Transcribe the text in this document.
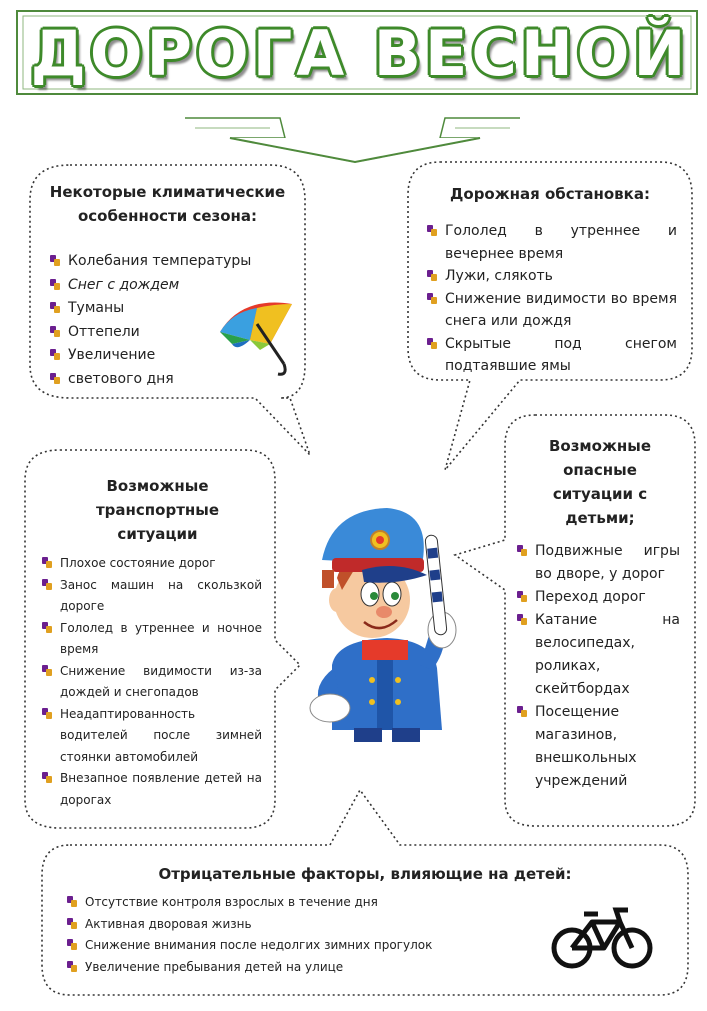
ДОРОГА ВЕСНОЙ
Некоторые климатические
особенности сезона:
Колебания температуры
Снег с дождем
Туманы
Оттепели
Увеличение
светового дня
Дорожная обстановка:
Гололед в утреннее и вечернее время
Лужи, слякоть
Снижение видимости во время снега или дождя
Скрытые под снегом подтаявшие ямы
Возможные
транспортные
ситуации
Плохое состояние дорог
Занос машин на скользкой дороге
Гололед в утреннее и ночное время
Снижение видимости из-за дождей и снегопадов
Неадаптированность водителей после зимней стоянки автомобилей
Внезапное появление детей на дорогах
Возможные
опасные
ситуации с
детьми;
Подвижные игры во дворе, у дорог
Переход дорог
Катание на велосипедах, роликах, скейтбордах
Посещение магазинов, внешкольных учреждений
Отрицательные факторы, влияющие на детей:
Отсутствие контроля взрослых в течение дня
Активная дворовая жизнь
Снижение внимания после недолгих зимних прогулок
Увеличение пребывания детей на улице
